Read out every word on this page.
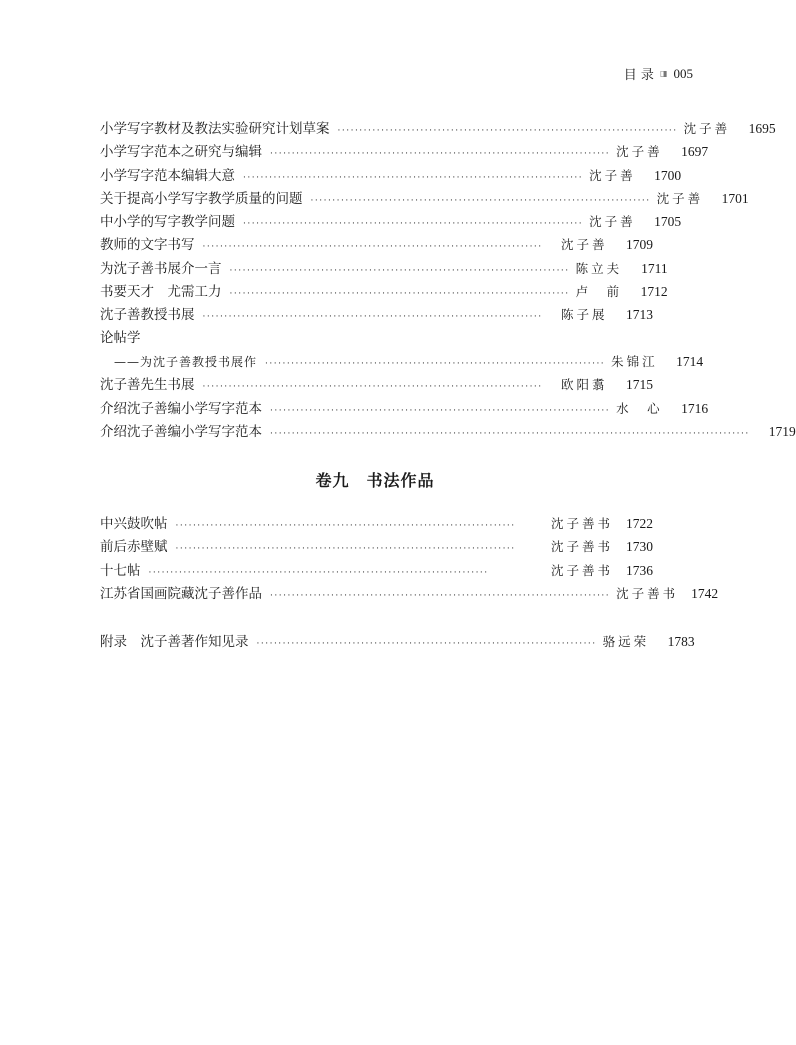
目 录 ◨ 005
小学写字教材及教法实验研究计划草案 ·············································································· 沈子善	1695
小学写字范本之研究与编辑 ·············································································· 沈子善	1697
小学写字范本编辑大意 ·············································································· 沈子善	1700
关于提高小学写字教学质量的问题 ·············································································· 沈子善	1701
中小学的写字教学问题 ·············································································· 沈子善	1705
教师的文字书写 ··············································································	沈子善	1709
为沈子善书展介一言 ·············································································· 陈立夫	1711
书要天才　尤需工力 ·············································································· 卢　前	1712
沈子善教授书展 ··············································································	陈子展	1713
论帖学
——为沈子善教授书展作 ·············································································· 朱锦江	1714
沈子善先生书展 ··············································································	欧阳翥	1715
介绍沈子善编小学写字范本 ·············································································· 水　心	1716
介绍沈子善编小学写字范本 ··············································································································	1719
卷九　书法作品
中兴鼓吹帖 ··············································································	沈子善书 1722
前后赤壁赋 ··············································································	沈子善书 1730
十七帖 ··············································································	沈子善书 1736
江苏省国画院藏沈子善作品 ·············································································· 沈子善书 1742
附录　沈子善著作知见录 ·············································································· 骆远荣	1783
